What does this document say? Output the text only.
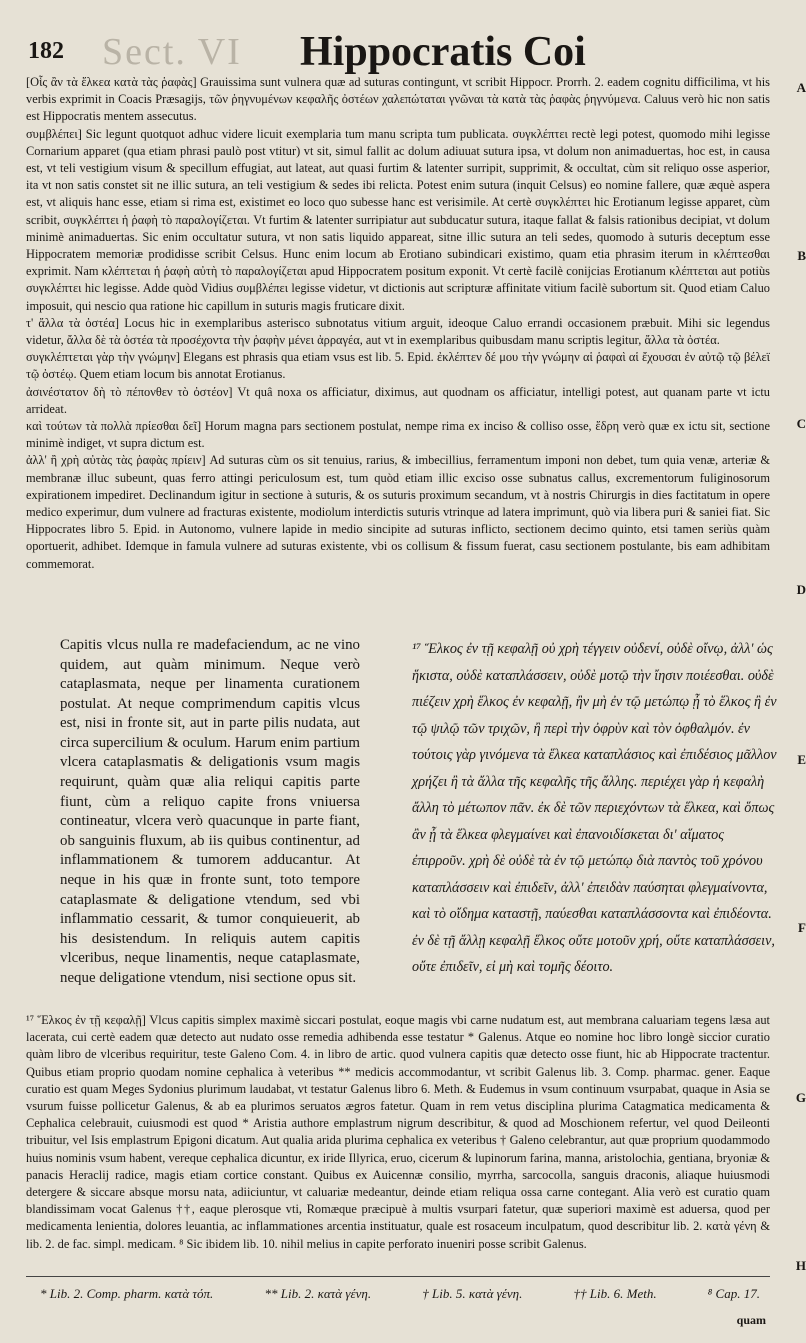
182 Sect. VI Hippocratis Coi
A
B
C
D
E
F
G
H

[Οἷς ἂν τὰ ἕλκεα κατὰ τὰς ῥαφὰς] Grauissima sunt vulnera quæ ad suturas contingunt, vt scribit Hippocr. Prorrh. 2. eadem cognitu difficilima, vt his verbis exprimit in Coacis Præsagijs, τῶν ῥηγνυμένων κεφαλῆς ὀστέων χαλεπώταται γνῶναι τὰ κατὰ τὰς ῥαφὰς ῥηγνύμενα. Caluus verò hic non satis est Hippocratis mentem assecutus.

συμβλέπει] Sic legunt quotquot adhuc videre licuit exemplaria tum manu scripta tum publicata. συγκλέπτει rectè legi potest, quomodo mihi legisse Cornarium apparet (qua etiam phrasi paulò post vtitur) vt sit, simul fallit ac dolum adiuuat sutura ipsa, vt dolum non animaduertas, hoc est, in causa est, vt teli vestigium visum & specillum effugiat, aut lateat, aut quasi furtim & latenter surripit, supprimit, & occultat, cùm sit reliquo osse asperior, ita vt non satis constet sit ne illic sutura, an teli vestigium & sedes ibi relicta. Potest enim sutura (inquit Celsus) eo nomine fallere, quæ æquè aspera est, vt aliquis hanc esse, etiam si rima est, existimet eo loco quo subesse hanc est verisimile. At certè συγκλέπτει hic Erotianum legisse apparet, cùm scribit, συγκλέπτει ἡ ῥαφὴ τὸ παραλογίζεται. Vt furtim & latenter surripiatur aut subducatur sutura, itaque fallat & falsis rationibus decipiat, vt dolum minimè animaduertas. Sic enim occultatur sutura, vt non satis liquido appareat, sitne illic sutura an teli sedes, quomodo à suturis deceptum esse Hippocratem memoriæ prodidisse scribit Celsus. Hunc enim locum ab Erotiano subindicari existimo, quam etia phrasim iterum in κλέπτεσθαι exprimit. Nam κλέπτεται ἡ ῥαφὴ αὐτὴ τὸ παραλογίζεται apud Hippocratem positum exponit. Vt certè facilè conijcias Erotianum κλέπτεται aut potiùs συγκλέπτει hic legisse. Adde quòd Vidius συμβλέπει legisse videtur, vt dictionis aut scripturæ affinitate vitium facilè subortum sit. Quod etiam Caluo imposuit, qui nescio qua ratione hic capillum in suturis magis fruticare dixit.

τ' ἄλλα τὰ ὀστέα] Locus hic in exemplaribus asterisco subnotatus vitium arguit, ideoque Caluo errandi occasionem præbuit. Mihi sic legendus videtur, ἄλλα δὲ τὰ ὀστέα τὰ προσέχοντα τὴν ῥαφὴν μένει ἀρραγέα, aut vt in exemplaribus quibusdam manu scriptis legitur, ἄλλα τὰ ὀστέα.

συγκλέπτεται γὰρ τὴν γνώμην] Elegans est phrasis qua etiam vsus est lib. 5. Epid. ἐκλέπτεν δέ μου τὴν γνώμην αἱ ῥαφαὶ αἱ ἔχουσαι ἐν αὐτῷ τῷ βέλεϊ τῷ ὀστέῳ. Quem etiam locum bis annotat Erotianus.

ἀσινέστατον δὴ τὸ πέπονθεν τὸ ὀστέον] Vt quâ noxa os afficiatur, diximus, aut quodnam os afficiatur, intelligi potest, aut quanam parte vt ictu arrideat.

καὶ τούτων τὰ πολλὰ πρίεσθαι δεῖ] Horum magna pars sectionem postulat, nempe rima ex inciso & colliso osse, ἕδρη verò quæ ex ictu sit, sectione minimè indiget, vt supra dictum est.

ἀλλ' ἢ χρὴ αὐτὰς τὰς ῥαφὰς πρίειν] Ad suturas cùm os sit tenuius, rarius, & imbecillius, ferramentum imponi non debet, tum quia venæ, arteriæ & membranæ illuc subeunt, quas ferro attingi periculosum est, tum quòd etiam illic exciso osse subnatus callus, excrementorum fuliginosorum expirationem impediret. Declinandum igitur in sectione à suturis, & os suturis proximum secandum, vt à nostris Chirurgis in dies factitatum in opere medico experimur, dum vulnere ad fracturas existente, modiolum interdictis suturis vtrinque ad latera imprimunt, quò via libera puri & saniei fiat. Sic Hippocrates libro 5. Epid. in Autonomo, vulnere lapide in medio sincipite ad suturas inflicto, sectionem decimo quinto, etsi tamen seriùs quàm oportuerit, adhibet. Idemque in famula vulnere ad suturas existente, vbi os collisum & fissum fuerat, casu sectionem postulante, bis eam adhibitam commemorat.

Capitis vlcus nulla re madefaciendum, ac ne vino quidem, aut quàm minimum. Neque verò cataplasmata, neque per linamenta curationem postulat. At neque comprimendum capitis vlcus est, nisi in fronte sit, aut in parte pilis nudata, aut circa supercilium & oculum. Harum enim partium vlcera cataplasmatis & deligationis vsum magis requirunt, quàm quæ alia reliqui capitis parte fiunt, cùm a reliquo capite frons vniuersa contineatur, vlcera verò quacunque in parte fiant, ob sanguinis fluxum, ab iis quibus continentur, ad inflammationem & tumorem adducantur. At neque in his quæ in fronte sunt, toto tempore cataplasmate & deligatione vtendum, sed vbi inflammatio cessarit, & tumor conquieuerit, ab his desistendum. In reliquis autem capitis vlceribus, neque linamentis, neque cataplasmate, neque deligatione vtendum, nisi sectione opus sit.
¹⁷ Ἕλκος ἐν τῇ κεφαλῇ οὐ χρὴ τέγγειν οὐδενί, οὐδὲ οἴνῳ, ἀλλ' ὡς ἥκιστα, οὐδὲ καταπλάσσειν, οὐδὲ μοτῷ τὴν ἴησιν ποιέεσθαι. οὐδὲ πιέζειν χρὴ ἕλκος ἐν κεφαλῇ, ἢν μὴ ἐν τῷ μετώπῳ ᾖ τὸ ἕλκος ἢ ἐν τῷ ψιλῷ τῶν τριχῶν, ἢ περὶ τὴν ὀφρὺν καὶ τὸν ὀφθαλμόν. ἐν τούτοις γὰρ γινόμενα τὰ ἕλκεα καταπλάσιος καὶ ἐπιδέσιος μᾶλλον χρήζει ἢ τὰ ἄλλα τῆς κεφαλῆς τῆς ἄλλης. περιέχει γὰρ ἡ κεφαλὴ ἄλλη τὸ μέτωπον πᾶν. ἐκ δὲ τῶν περιεχόντων τὰ ἕλκεα, καὶ ὅπως ἂν ᾖ τὰ ἕλκεα φλεγμαίνει καὶ ἐπανοιδίσκεται δι' αἵματος ἐπιρροῦν. χρὴ δὲ οὐδὲ τὰ ἐν τῷ μετώπῳ διὰ παντὸς τοῦ χρόνου καταπλάσσειν καὶ ἐπιδεῖν, ἀλλ' ἐπειδὰν παύσηται φλεγμαίνοντα, καὶ τὸ οἴδημα καταστῇ, παύεσθαι καταπλάσσοντα καὶ ἐπιδέοντα. ἐν δὲ τῇ ἄλλῃ κεφαλῇ ἕλκος οὔτε μοτοῦν χρή, οὔτε καταπλάσσειν, οὔτε ἐπιδεῖν, εἰ μὴ καὶ τομῆς δέοιτο.

¹⁷ Ἕλκος ἐν τῇ κεφαλῇ] Vlcus capitis simplex maximè siccari postulat, eoque magis vbi carne nudatum est, aut membrana caluariam tegens læsa aut lacerata, cui certè eadem quæ detecto aut nudato osse remedia adhibenda esse testatur * Galenus. Atque eo nomine hoc libro longè siccior curatio quàm libro de vlceribus requiritur, teste Galeno Com. 4. in libro de artic. quod vulnera capitis quæ detecto osse fiunt, hic ab Hippocrate tractentur. Quibus etiam proprio quodam nomine cephalica à veteribus ** medicis accommodantur, vt scribit Galenus lib. 3. Comp. pharmac. gener. Eaque curatio est quam Meges Sydonius plurimum laudabat, vt testatur Galenus libro 6. Meth. & Eudemus in vsum continuum vsurpabat, quaque in Asia se vsurum fuisse pollicetur Galenus, & ab ea plurimos seruatos ægros fatetur. Quam in rem vetus disciplina plurima Catagmatica medicamenta & Cephalica celebrauit, cuiusmodi est quod * Aristia authore emplastrum nigrum describitur, & quod ad Moschionem refertur, vel quod Deileonti tribuitur, vel Isis emplastrum Epigoni dicatum. Aut qualia arida plurima cephalica ex veteribus † Galeno celebrantur, aut quæ proprium quodammodo huius nominis vsum habent, vereque cephalica dicuntur, ex iride Illyrica, eruo, cicerum & lupinorum farina, manna, aristolochia, gentiana, bryoniæ & panacis Heraclij radice, magis etiam cortice constant. Quibus ex Auicennæ consilio, myrrha, sarcocolla, sanguis draconis, aliaque huiusmodi detergere & siccare absque morsu nata, adiiciuntur, vt caluariæ medeantur, deinde etiam reliqua ossa carne contegant. Alia verò est curatio quam blandissimam vocat Galenus ††, eaque plerosque vti, Romæque præcipuè à multis vsurpari fatetur, quæ superiori maximè est aduersa, quod per medicamenta lenientia, dolores leuantia, ac inflammationes arcentia instituatur, quale est rosaceum inculpatum, quod describitur lib. 2. κατὰ γένη & lib. 2. de fac. simpl. medicam. ⁸ Sic ibidem lib. 10. nihil melius in capite perforato inueniri posse scribit Galenus.

* Lib. 2. Comp. pharm. κατὰ τόπ.	** Lib. 2. κατὰ γένη.	† Lib. 5. κατὰ γένη.	†† Lib. 6. Meth.	⁸ Cap. 17.
quam
